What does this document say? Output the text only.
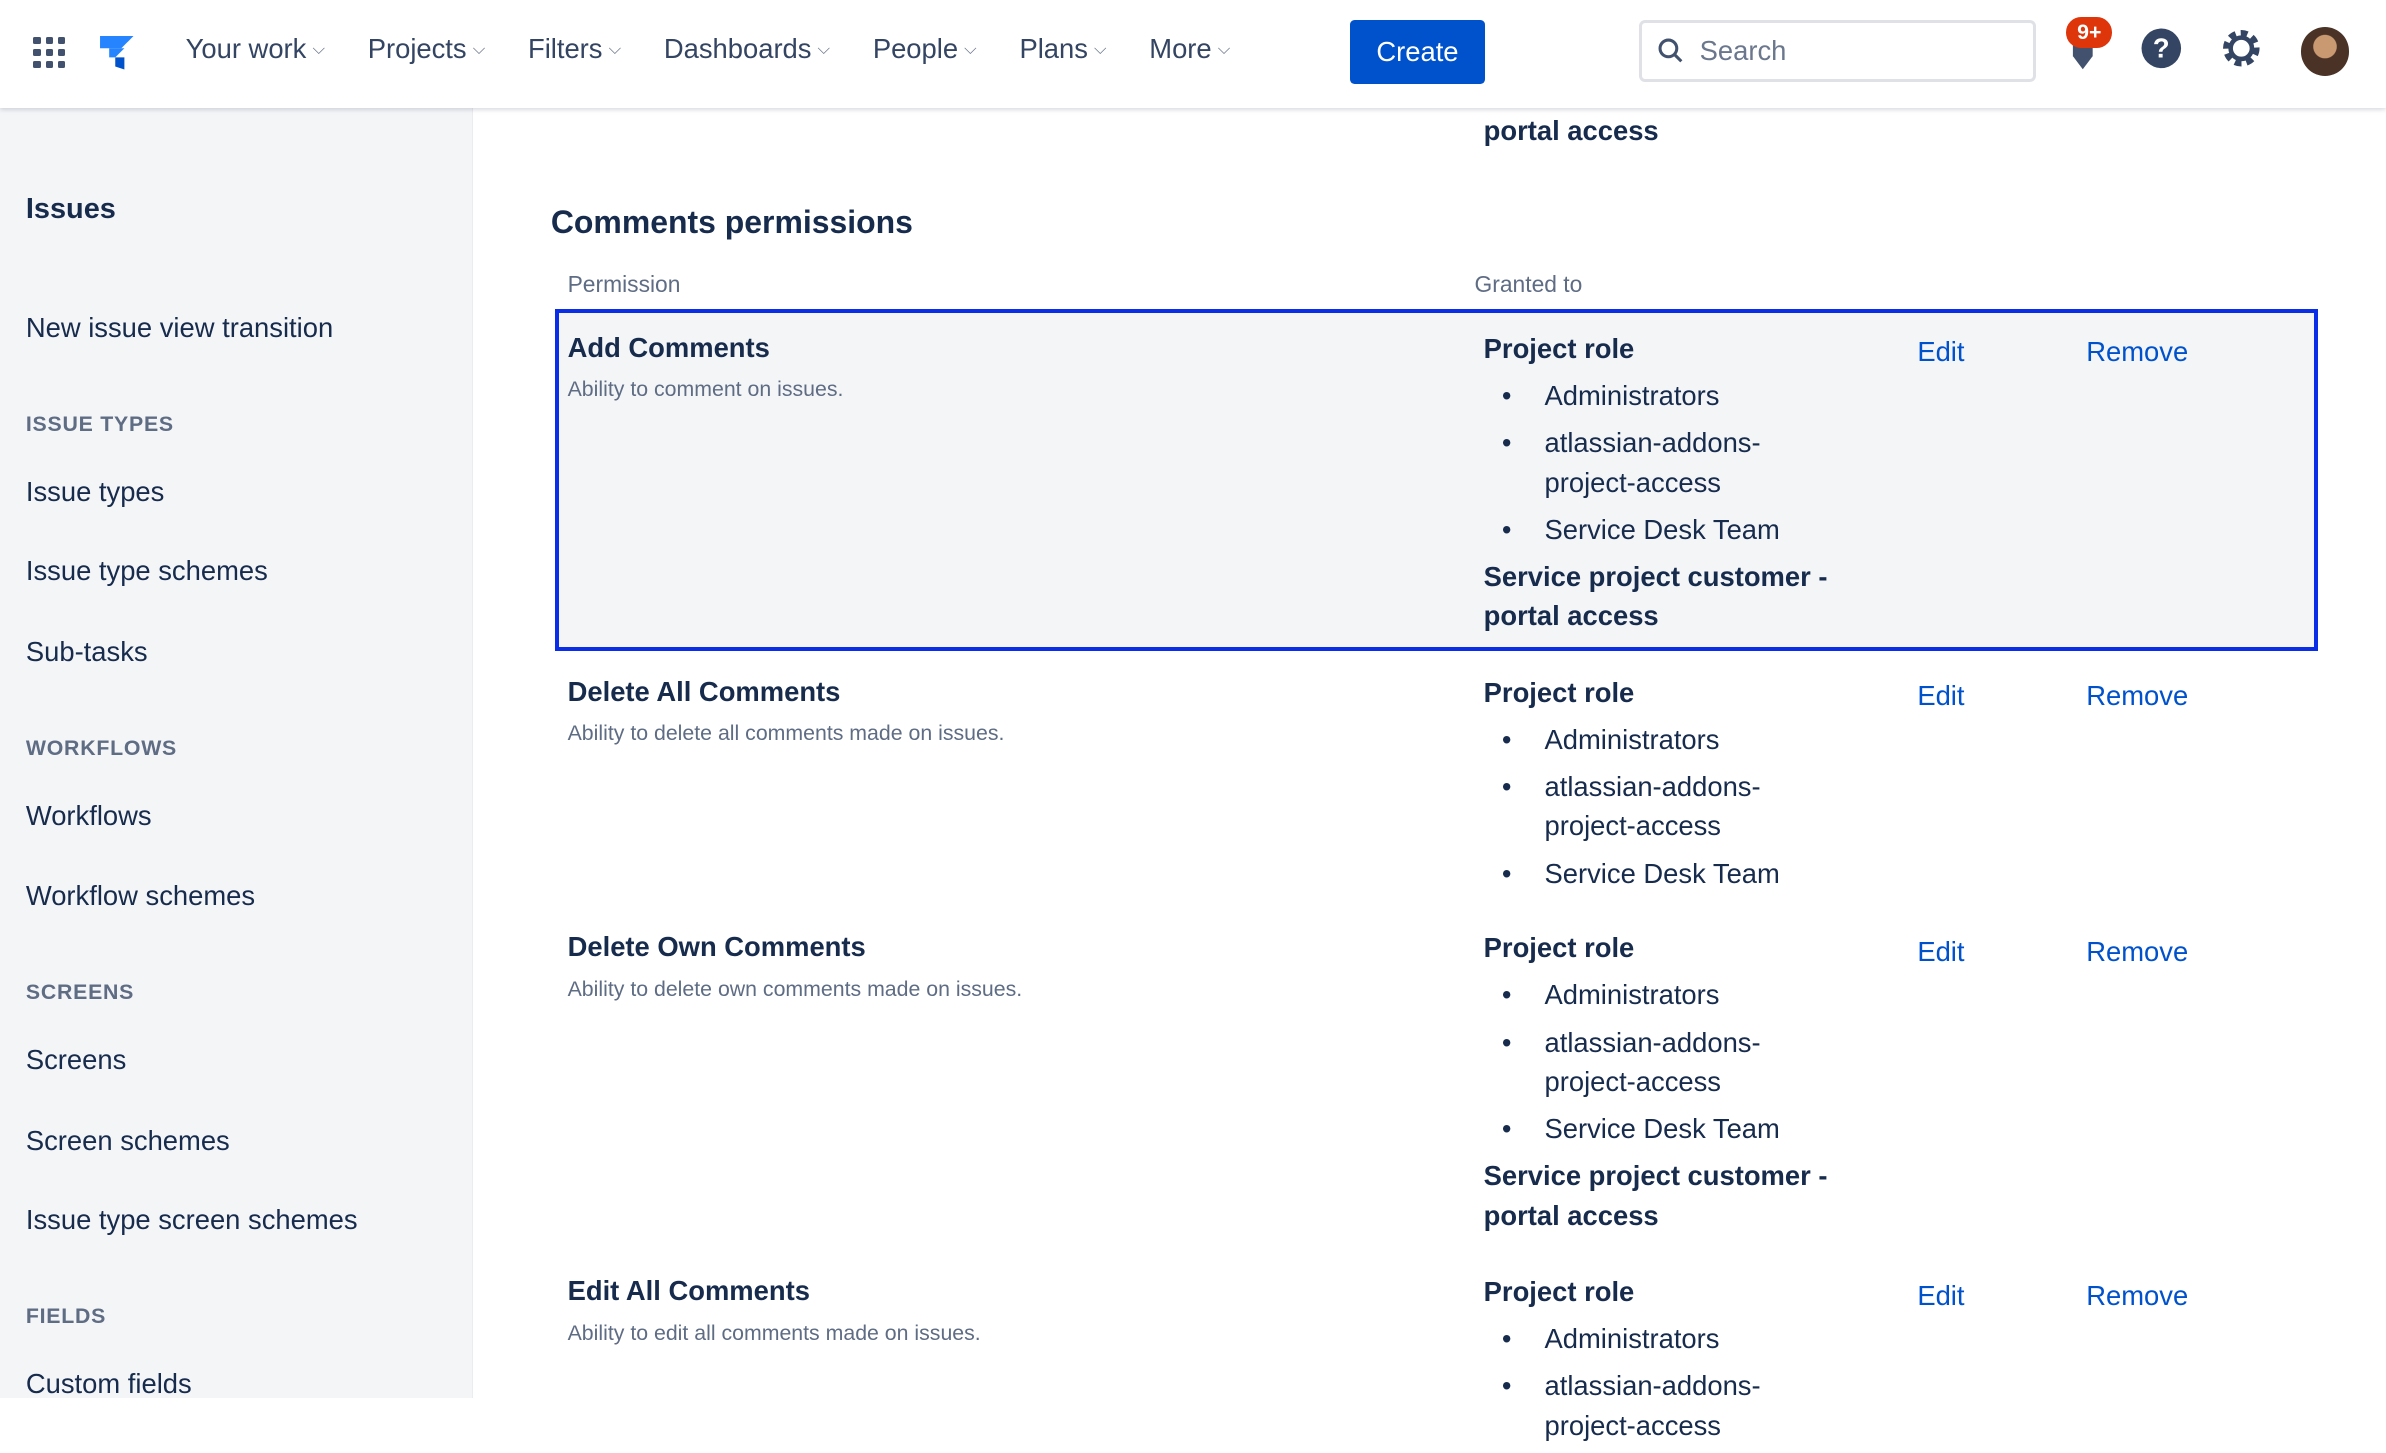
Your work ⌵ Projects ⌵ Filters ⌵ Dashboards ⌵ People ⌵ Plans ⌵ More ⌵	Create	Search
9+
?
Issues
New issue view transition
ISSUE TYPES
Issue types
Issue type schemes
Sub-tasks
WORKFLOWS
Workflows
Workflow schemes
SCREENS
Screens
Screen schemes
Issue type screen schemes
FIELDS
Custom fields
portal access
Comments permissions
Permission	Granted to
Add Comments
Ability to comment on issues.
Project role
• Administrators
• atlassian-addons-project-access
• Service Desk Team
Service project customer - portal access
Edit	Remove
Delete All Comments
Ability to delete all comments made on issues.
Project role
• Administrators
• atlassian-addons-project-access
• Service Desk Team
Edit	Remove
Delete Own Comments
Ability to delete own comments made on issues.
Project role
• Administrators
• atlassian-addons-project-access
• Service Desk Team
Service project customer - portal access
Edit	Remove
Edit All Comments
Ability to edit all comments made on issues.
Project role
• Administrators
• atlassian-addons-project-access
Edit	Remove
